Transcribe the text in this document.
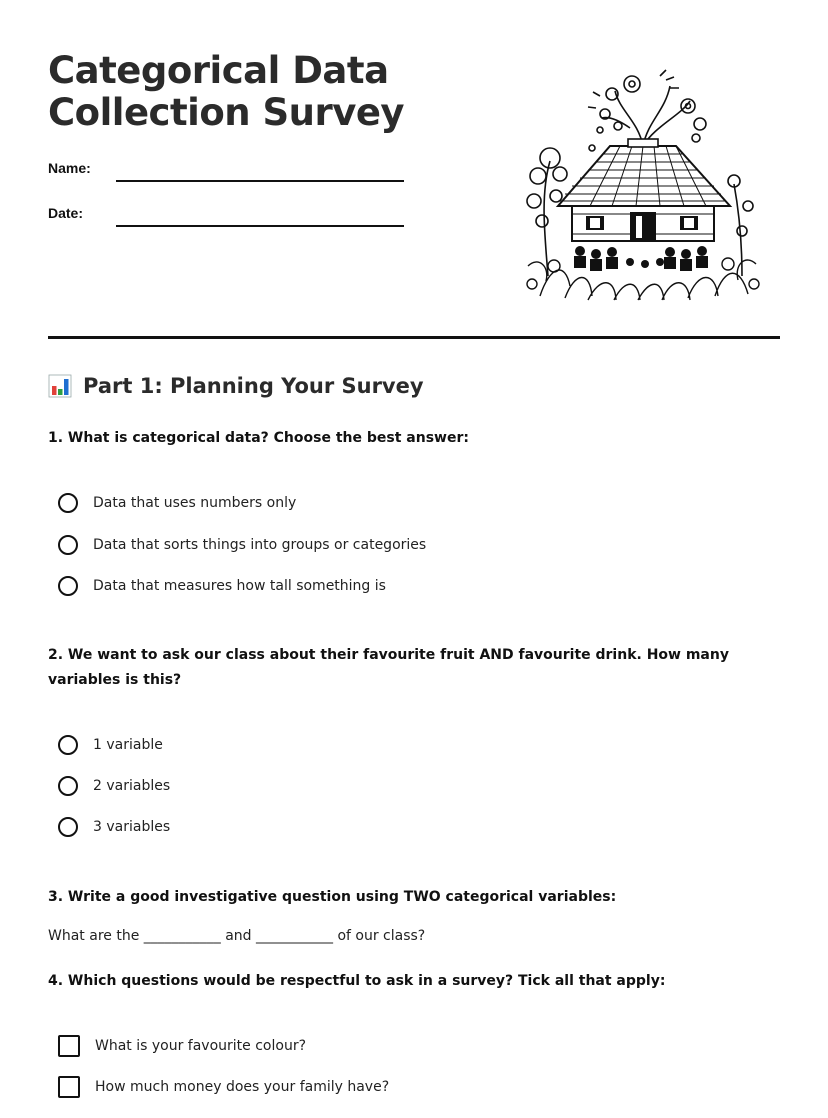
Categorical Data
Collection Survey
Name:
Date:
Part 1: Planning Your Survey

1. What is categorical data? Choose the best answer:

Data that uses numbers only
Data that sorts things into groups or categories
Data that measures how tall something is

2. We want to ask our class about their favourite fruit AND favourite drink. How many variables is this?

1 variable
2 variables
3 variables

3. Write a good investigative question using TWO categorical variables:

What are the ___________ and ___________ of our class?

4. Which questions would be respectful to ask in a survey? Tick all that apply:

What is your favourite colour?
How much money does your family have?
